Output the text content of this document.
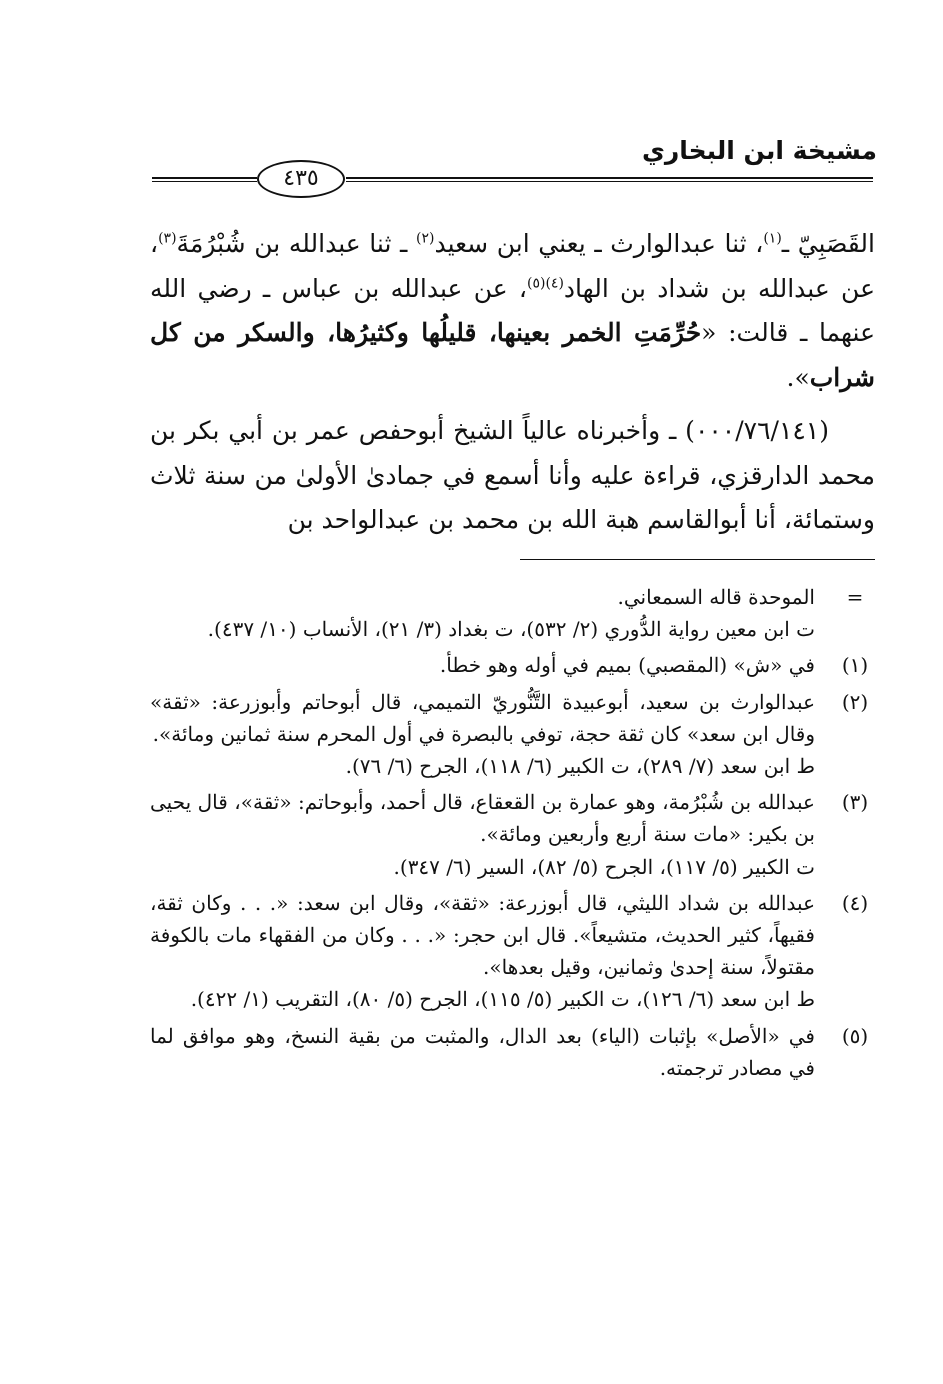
مشيخة ابن البخاري
٤٣٥

القَصَبِيّ ـ$^{(١)}$، ثنا عبدالوارث ـ يعني ابن سعيد$^{(٢)}$ ـ ثنا عبدالله بن شُبْرُمَةَ$^{(٣)}$، عن عبدالله بن شداد بن الهاد$^{(٤)(٥)}$، عن عبدالله بن عباس ـ رضي الله عنهما ـ قالت: «حُرِّمَتِ الخمر بعينها، قليلُها وكثيرُها، والسكر من كل شراب».

(٠٠٠/٧٦/١٤١) ـ وأخبرناه عالياً الشيخ أبوحفص عمر بن أبي بكر بن محمد الدارقزي، قراءة عليه وأنا أسمع في جمادىٰ الأولىٰ من سنة ثلاث وستمائة، أنا أبوالقاسم هبة الله بن محمد بن عبدالواحد بن

=
الموحدة قاله السمعاني.
ت ابن معين رواية الدُّوري (٢/ ٥٣٢)، ت بغداد (٣/ ٢١)، الأنساب (١٠/ ٤٣٧).
(١)
في «ش» (المقصبي) بميم في أوله وهو خطأ.
(٢)
عبدالوارث بن سعيد، أبوعبيدة التَّنُّوريّ التميمي، قال أبوحاتم وأبوزرعة: «ثقة» وقال ابن سعد» كان ثقة حجة، توفي بالبصرة في أول المحرم سنة ثمانين ومائة».
ط ابن سعد (٧/ ٢٨٩)، ت الكبير (٦/ ١١٨)، الجرح (٦/ ٧٦).
(٣)
عبدالله بن شُبْرُمة، وهو عمارة بن القعقاع، قال أحمد، وأبوحاتم: «ثقة»، قال يحيى بن بكير: «مات سنة أربع وأربعين ومائة».
ت الكبير (٥/ ١١٧)، الجرح (٥/ ٨٢)، السير (٦/ ٣٤٧).
(٤)
عبدالله بن شداد الليثي، قال أبوزرعة: «ثقة»، وقال ابن سعد: «. . . وكان ثقة، فقيهاً، كثير الحديث، متشيعاً». قال ابن حجر: «. . . وكان من الفقهاء مات بالكوفة مقتولاً، سنة إحدىٰ وثمانين، وقيل بعدها».
ط ابن سعد (٦/ ١٢٦)، ت الكبير (٥/ ١١٥)، الجرح (٥/ ٨٠)، التقريب (١/ ٤٢٢).
(٥)
في «الأصل» بإثبات (الياء) بعد الدال، والمثبت من بقية النسخ، وهو موافق لما في مصادر ترجمته.
